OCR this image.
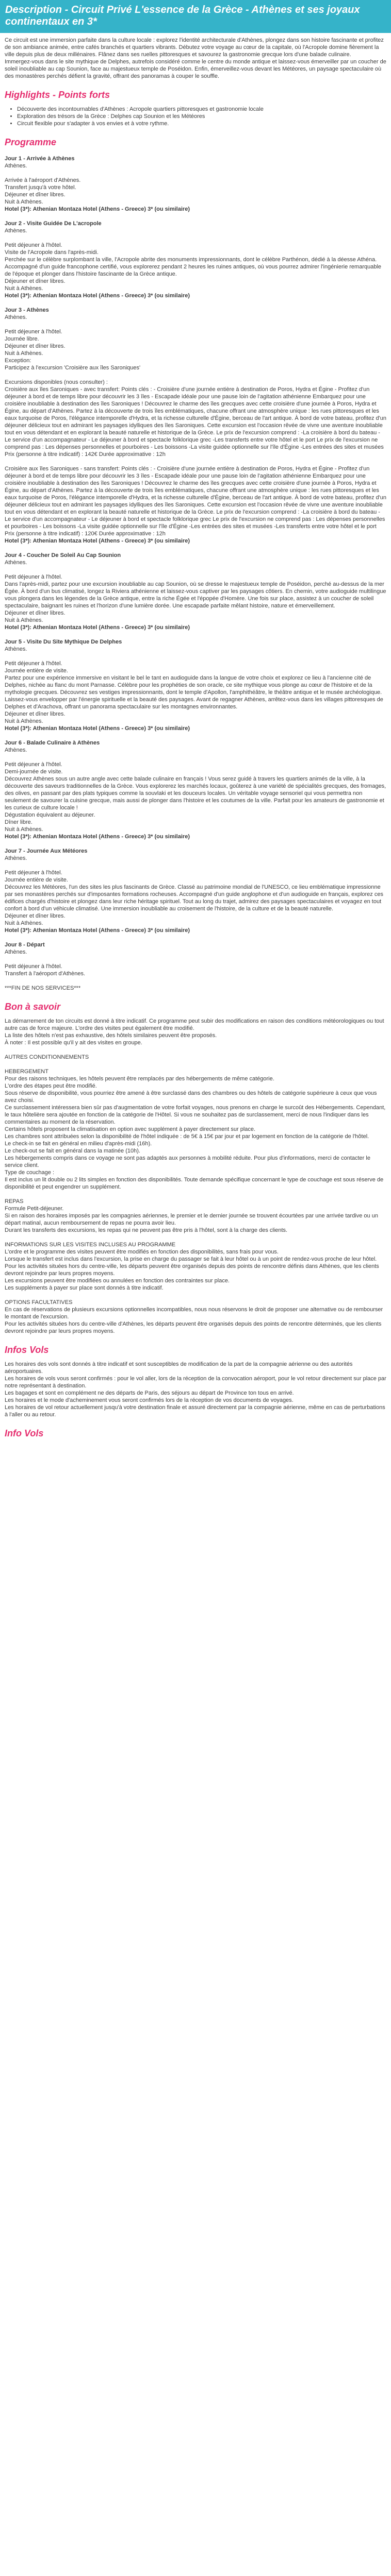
Description - Circuit Privé L'essence de la Grèce - Athènes et ses joyaux continentaux en 3*

Ce circuit est une immersion parfaite dans la culture locale : explorez l'identité architecturale d'Athènes, plongez dans son histoire fascinante et profitez de son ambiance animée, entre cafés branchés et quartiers vibrants. Débutez votre voyage au cœur de la capitale, où l'Acropole domine fièrement la ville depuis plus de deux millénaires. Flânez dans ses ruelles pittoresques et savourez la gastronomie grecque lors d'une balade culinaire.

Immergez-vous dans le site mythique de Delphes, autrefois considéré comme le centre du monde antique et laissez-vous émerveiller par un coucher de soleil inoubliable au cap Sounion, face au majestueux temple de Poséidon. Enfin, émerveillez-vous devant les Météores, un paysage spectaculaire où des monastères perchés défient la gravité, offrant des panoramas à couper le souffle.

Highlights - Points forts
• Découverte des incontournables d'Athènes : Acropole quartiers pittoresques et gastronomie locale
• Exploration des trésors de la Grèce : Delphes cap Sounion et les Météores
• Circuit flexible pour s'adapter à vos envies et à votre rythme.
Programme

Jour 1 - Arrivée à Athènes

Athènes.

Arrivée à l'aéroport d'Athènes.

Transfert jusqu'à votre hôtel.

Déjeuner et dîner libres.

Nuit à Athènes.

Hotel (3*): Athenian Montaza Hotel (Athens - Greece) 3* (ou similaire)

Jour 2 - Visite Guidée De L'acropole

Athènes.

Petit déjeuner à l'hôtel.

Visite de l'Acropole dans l'après-midi.

Perchée sur le célèbre surplombant la ville, l'Acropole abrite des monuments impressionnants, dont le célèbre Parthénon, dédié à la déesse Athéna. Accompagné d'un guide francophone certifié, vous explorerez pendant 2 heures les ruines antiques, où vous pourrez admirer l'ingénierie remarquable de l'époque et plonger dans l'histoire fascinante de la Grèce antique.

Déjeuner et dîner libres.

Nuit à Athènes.

Hotel (3*): Athenian Montaza Hotel (Athens - Greece) 3* (ou similaire)

Jour 3 - Athènes

Athènes.

Petit déjeuner à l'hôtel.

Journée libre.

Déjeuner et dîner libres.

Nuit à Athènes.

Exception:

Participez à l'excursion 'Croisière aux îles Saroniques'

Excursions disponibles (nous consulter) :

Croisière aux îles Saroniques - avec transfert: Points clés : - Croisière d'une journée entière à destination de Poros, Hydra et Égine - Profitez d'un déjeuner à bord et de temps libre pour découvrir les 3 îles - Escapade idéale pour une pause loin de l'agitation athénienne Embarquez pour une croisière inoubliable à destination des îles Saroniques ! Découvrez le charme des îles grecques avec cette croisière d'une journée à Poros, Hydra et Égine, au départ d'Athènes. Partez à la découverte de trois îles emblématiques, chacune offrant une atmosphère unique : les rues pittoresques et les eaux turquoise de Poros, l'élégance intemporelle d'Hydra, et la richesse culturelle d'Égine, berceau de l'art antique. À bord de votre bateau, profitez d'un déjeuner délicieux tout en admirant les paysages idylliques des îles Saroniques. Cette excursion est l'occasion rêvée de vivre une aventure inoubliable tout en vous détendant et en explorant la beauté naturelle et historique de la Grèce. Le prix de l'excursion comprend : -La croisière à bord du bateau -Le service d'un accompagnateur - Le déjeuner à bord et spectacle folklorique grec -Les transferts entre votre hôtel et le port Le prix de l'excursion ne comprend pas : Les dépenses personnelles et pourboires - Les boissons -La visite guidée optionnelle sur l'île d'Égine -Les entrées des sites et musées

Prix (personne à titre indicatif) : 142€ Durée approximative : 12h

Croisière aux îles Saroniques - sans transfert: Points clés : - Croisière d'une journée entière à destination de Poros, Hydra et Égine - Profitez d'un déjeuner à bord et de temps libre pour découvrir les 3 îles - Escapade idéale pour une pause loin de l'agitation athénienne Embarquez pour une croisière inoubliable à destination des îles Saroniques ! Découvrez le charme des îles grecques avec cette croisière d'une journée à Poros, Hydra et Égine, au départ d'Athènes. Partez à la découverte de trois îles emblématiques, chacune offrant une atmosphère unique : les rues pittoresques et les eaux turquoise de Poros, l'élégance intemporelle d'Hydra, et la richesse culturelle d'Égine, berceau de l'art antique. À bord de votre bateau, profitez d'un déjeuner délicieux tout en admirant les paysages idylliques des îles Saroniques. Cette excursion est l'occasion rêvée de vivre une aventure inoubliable tout en vous détendant et en explorant la beauté naturelle et historique de la Grèce. Le prix de l'excursion comprend : -La croisière à bord du bateau -Le service d'un accompagnateur - Le déjeuner à bord et spectacle folklorique grec Le prix de l'excursion ne comprend pas : Les dépenses personnelles et pourboires - Les boissons -La visite guidée optionnelle sur l'île d'Égine -Les entrées des sites et musées -Les transferts entre votre hôtel et le port

Prix (personne à titre indicatif) : 120€ Durée approximative : 12h

Hotel (3*): Athenian Montaza Hotel (Athens - Greece) 3* (ou similaire)

Jour 4 - Coucher De Soleil Au Cap Sounion

Athènes.

Petit déjeuner à l'hôtel.

Dans l'après-midi, partez pour une excursion inoubliable au cap Sounion, où se dresse le majestueux temple de Poséidon, perché au-dessus de la mer Égée. À bord d'un bus climatisé, longez la Riviera athénienne et laissez-vous captiver par les paysages côtiers. En chemin, votre audioguide multilingue vous plongera dans les légendes de la Grèce antique, entre la riche Égée et l'épopée d'Homère. Une fois sur place, assistez à un coucher de soleil spectaculaire, baignant les ruines et l'horizon d'une lumière dorée. Une escapade parfaite mêlant histoire, nature et émerveillement.

Déjeuner et dîner libres.

Nuit à Athènes.

Hotel (3*): Athenian Montaza Hotel (Athens - Greece) 3* (ou similaire)

Jour 5 - Visite Du Site Mythique De Delphes

Athènes.

Petit déjeuner à l'hôtel.

Journée entière de visite.

Partez pour une expérience immersive en visitant le bel le tant en audioguide dans la langue de votre choix et explorez ce lieu à l'ancienne cité de Delphes, nichée au flanc du mont Parnasse. Célèbre pour les prophéties de son oracle, ce site mythique vous plonge au cœur de l'histoire et de la mythologie grecques. Découvrez ses vestiges impressionnants, dont le temple d'Apollon, l'amphithéâtre, le théâtre antique et le musée archéologique. Laissez-vous envelopper par l'énergie spirituelle et la beauté des paysages. Avant de regagner Athènes, arrêtez-vous dans les villages pittoresques de Delphes et d'Arachova, offrant un panorama spectaculaire sur les montagnes environnantes.

Déjeuner et dîner libres.

Nuit à Athènes.

Hotel (3*): Athenian Montaza Hotel (Athens - Greece) 3* (ou similaire)

Jour 6 - Balade Culinaire à Athènes

Athènes.

Petit déjeuner à l'hôtel.

Demi-journée de visite.

Découvrez Athènes sous un autre angle avec cette balade culinaire en français ! Vous serez guidé à travers les quartiers animés de la ville, à la découverte des saveurs traditionnelles de la Grèce. Vous explorerez les marchés locaux, goûterez à une variété de spécialités grecques, des fromages, des olives, en passant par des plats typiques comme la souvlaki et les douceurs locales. Un véritable voyage sensoriel qui vous permettra non seulement de savourer la cuisine grecque, mais aussi de plonger dans l'histoire et les coutumes de la ville. Parfait pour les amateurs de gastronomie et les curieux de culture locale !

Dégustation équivalent au déjeuner.

Dîner libre.

Nuit à Athènes.

Hotel (3*): Athenian Montaza Hotel (Athens - Greece) 3* (ou similaire)

Jour 7 - Journée Aux Météores

Athènes.

Petit déjeuner à l'hôtel.

Journée entière de visite.

Découvrez les Météores, l'un des sites les plus fascinants de Grèce. Classé au patrimoine mondial de l'UNESCO, ce lieu emblématique impressionne par ses monastères perchés sur d'imposantes formations rocheuses. Accompagné d'un guide anglophone et d'un audioguide en français, explorez ces édifices chargés d'histoire et plongez dans leur riche héritage spirituel. Tout au long du trajet, admirez des paysages spectaculaires et voyagez en tout confort à bord d'un véhicule climatisé. Une immersion inoubliable au croisement de l'histoire, de la culture et de la beauté naturelle.

Déjeuner et dîner libres.

Nuit à Athènes.

Hotel (3*): Athenian Montaza Hotel (Athens - Greece) 3* (ou similaire)

Jour 8 - Départ

Athènes.

Petit déjeuner à l'hôtel.

Transfert à l'aéroport d'Athènes.

***FIN DE NOS SERVICES***

Bon à savoir

La démarrement de ton circuits est donné à titre indicatif. Ce programme peut subir des modifications en raison des conditions météorologiques ou tout autre cas de force majeure. L'ordre des visites peut également être modifié.

La liste des hôtels n'est pas exhaustive, des hôtels similaires peuvent être proposés.

À noter : Il est possible qu'il y ait des visites en groupe.

AUTRES CONDITIONNEMENTS

HEBERGEMENT

Pour des raisons techniques, les hôtels peuvent être remplacés par des hébergements de même catégorie.

L'ordre des étapes peut être modifié.

Sous réserve de disponibilité, vous pourriez être amené à être surclassé dans des chambres ou des hôtels de catégorie supérieure à ceux que vous avez choisi.

Ce surclassement intéressera bien sûr pas d'augmentation de votre forfait voyages, nous prenons en charge le surcoût des Hébergements. Cependant, le taux hôtelière sera ajoutée en fonction de la catégorie de l'Hôtel. Si vous ne souhaitez pas de surclassement, merci de nous l'indiquer dans les commentaires au moment de la réservation.

Certains hôtels proposent la climatisation en option avec supplément à payer directement sur place.

Les chambres sont attribuées selon la disponibilité de l'hôtel indiquée : de 5€ à 15€ par jour et par logement en fonction de la catégorie de l'hôtel.

Le check-in se fait en général en milieu d'après-midi (16h).

Le check-out se fait en général dans la matinée (10h).

Les hébergements compris dans ce voyage ne sont pas adaptés aux personnes à mobilité réduite. Pour plus d'informations, merci de contacter le service client.

Type de couchage :

Il est inclus un lit double ou 2 lits simples en fonction des disponibilités. Toute demande spécifique concernant le type de couchage est sous réserve de disponibilité et peut engendrer un supplément.

REPAS

Formule Petit-déjeuner.

Si en raison des horaires imposés par les compagnies aériennes, le premier et le dernier journée se trouvent écourtées par une arrivée tardive ou un départ matinal, aucun remboursement de repas ne pourra avoir lieu.

Durant les transferts des excursions, les repas qui ne peuvent pas être pris à l'hôtel, sont à la charge des clients.

INFORMATIONS SUR LES VISITES INCLUSES AU PROGRAMME

L'ordre et le programme des visites peuvent être modifiés en fonction des disponibilités, sans frais pour vous.

Lorsque le transfert est inclus dans l'excursion, la prise en charge du passager se fait à leur hôtel ou à un point de rendez-vous proche de leur hôtel. Pour les activités situées hors du centre-ville, les départs peuvent être organisés depuis des points de rencontre définis dans Athènes, que les clients devront rejoindre par leurs propres moyens.

Les excursions peuvent être modifiées ou annulées en fonction des contraintes sur place.

Les suppléments à payer sur place sont donnés à titre indicatif.

OPTIONS FACULTATIVES

En cas de réservations de plusieurs excursions optionnelles incompatibles, nous nous réservons le droit de proposer une alternative ou de rembourser le montant de l'excursion.

Pour les activités situées hors du centre-ville d'Athènes, les départs peuvent être organisés depuis des points de rencontre déterminés, que les clients devront rejoindre par leurs propres moyens.

Infos Vols

Les horaires des vols sont donnés à titre indicatif et sont susceptibles de modification de la part de la compagnie aérienne ou des autorités aéroportuaires.

Les horaires de vols vous seront confirmés : pour le vol aller, lors de la réception de la convocation aéroport, pour le vol retour directement sur place par notre représentant à destination.

Les bagages et sont en complément ne des départs de Paris, des séjours au départ de Province ton tous en arrivé.

Les horaires et le mode d'acheminement vous seront confirmés lors de la réception de vos documents de voyages.

Les horaires de vol retour actuellement jusqu'à votre destination finale et assuré directement par la compagnie aérienne, même en cas de perturbations à l'aller ou au retour.

Info Vols
